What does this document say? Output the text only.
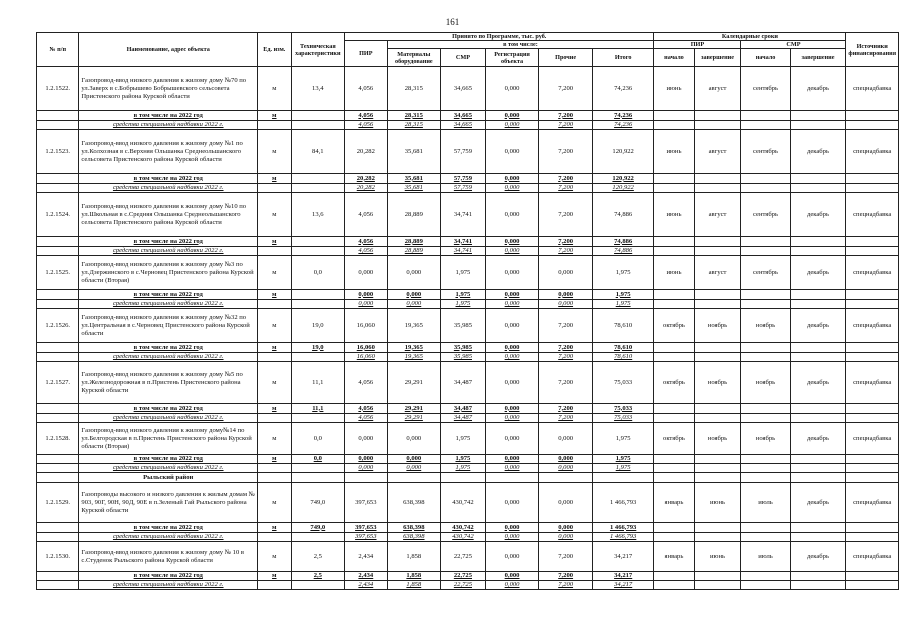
161
№ п/п	Наименование, адрес объекта	Ед. изм.	Техническая характеристики	Принято по Программе, тыс. руб.						Календарные сроки				Источники финансирования
				ПИР	в том числе:					ПИР		СМР		
					Материалы оборудование	СМР	Регистрация объекта	Прочие	Итого	начало	завершение	начало	завершение	

1.2.1522.	Газопровод-ввод низкого давления к жилому дому №70 по ул.Заверх в с.Бобрышево Бобрышевского сельсовета Пристенского района Курской области	м	13,4	4,056	28,315	34,665	0,000	7,200	74,236	июнь	август	сентябрь	декабрь	спецнадбавка
	в том числе на 2022 год	м		4,056	28,315	34,665	0,000	7,200	74,236					
	средства специальной надбавки 2022 г.			4,056	28,315	34,665	0,000	7,200	74,236					
1.2.1523.	Газопровод-ввод низкого давления к жилому дому №1 по ул.Колхозная в с.Верхняя Ольшанка Среднеольшанского сельсовета Пристенского района Курской области	м	84,1	20,282	35,681	57,759	0,000	7,200	120,922	июнь	август	сентябрь	декабрь	спецнадбавка
	в том числе на 2022 год	м		20,282	35,681	57,759	0,000	7,200	120,922					
	средства специальной надбавки 2022 г.			20,282	35,681	57,759	0,000	7,200	120,922					
1.2.1524.	Газопровод-ввод низкого давления к жилому дому №10 по ул.Школьная в с.Средняя Ольшанка Среднеольшанского сельсовета Пристенского района Курской области	м	13,6	4,056	28,889	34,741	0,000	7,200	74,886	июнь	август	сентябрь	декабрь	спецнадбавка
	в том числе на 2022 год	м		4,056	28,889	34,741	0,000	7,200	74,886					
	средства специальной надбавки 2022 г.			4,056	28,889	34,741	0,000	7,200	74,886					
1.2.1525.	Газопровод-ввод низкого давления к жилому дому №3 по ул.Дзержинского в с.Черновец Пристенского района Курской области (Вторая)	м	0,0	0,000	0,000	1,975	0,000	0,000	1,975	июнь	август	сентябрь	декабрь	спецнадбавка
	в том числе на 2022 год	м		0,000	0,000	1,975	0,000	0,000	1,975					
	средства специальной надбавки 2022 г.			0,000	0,000	1,975	0,000	0,000	1,975					
1.2.1526.	Газопровод-ввод низкого давления к жилому дому №32 по ул.Центральная в с.Черновец Пристенского района Курской области	м	19,0	16,060	19,365	35,985	0,000	7,200	78,610	октябрь	ноябрь	ноябрь	декабрь	спецнадбавка
	в том числе на 2022 год	м	19,0	16,060	19,365	35,985	0,000	7,200	78,610					
	средства специальной надбавки 2022 г.			16,060	19,365	35,985	0,000	7,200	78,610					
1.2.1527.	Газопровод-ввод низкого давления к жилому дому №5 по ул.Железнодорожная в п.Пристень Пристенского района Курской области	м	11,1	4,056	29,291	34,487	0,000	7,200	75,033	октябрь	ноябрь	ноябрь	декабрь	спецнадбавка
	в том числе на 2022 год	м	11,1	4,056	29,291	34,487	0,000	7,200	75,033					
	средства специальной надбавки 2022 г.			4,056	29,291	34,487	0,000	7,200	75,033					
1.2.1528.	Газопровод-ввод низкого давления к жилому дому№14 по ул.Белгородская в п.Пристень Пристенского района Курской области (Вторая)	м	0,0	0,000	0,000	1,975	0,000	0,000	1,975	октябрь	ноябрь	ноябрь	декабрь	спецнадбавка
	в том числе на 2022 год	м	0,0	0,000	0,000	1,975	0,000	0,000	1,975					
	средства специальной надбавки 2022 г.			0,000	0,000	1,975	0,000	0,000	1,975					
	Рыльский район													
1.2.1529.	Газопроводы высокого и низкого давления к жилым домам № 903, 90Г, 90Н, 90Д, 90Е в п.Зеленый Гай Рыльского района Курской области	м	749,0	397,653	638,398	430,742	0,000	0,000	1 466,793	январь	июнь	июль	декабрь	спецнадбавка
	в том числе на 2022 год	м	749,0	397,653	638,398	430,742	0,000	0,000	1 466,793					
	средства специальной надбавки 2022 г.			397,653	638,398	430,742	0,000	0,000	1 466,793					
1.2.1530.	Газопровод-ввод низкого давления к жилому дому № 10 в с.Студенок Рыльского района Курской области	м	2,5	2,434	1,858	22,725	0,000	7,200	34,217	январь	июнь	июль	декабрь	спецнадбавка
	в том числе на 2022 год	м	2,5	2,434	1,858	22,725	0,000	7,200	34,217					
	средства специальной надбавки 2022 г.			2,434	1,858	22,725	0,000	7,200	34,217					
